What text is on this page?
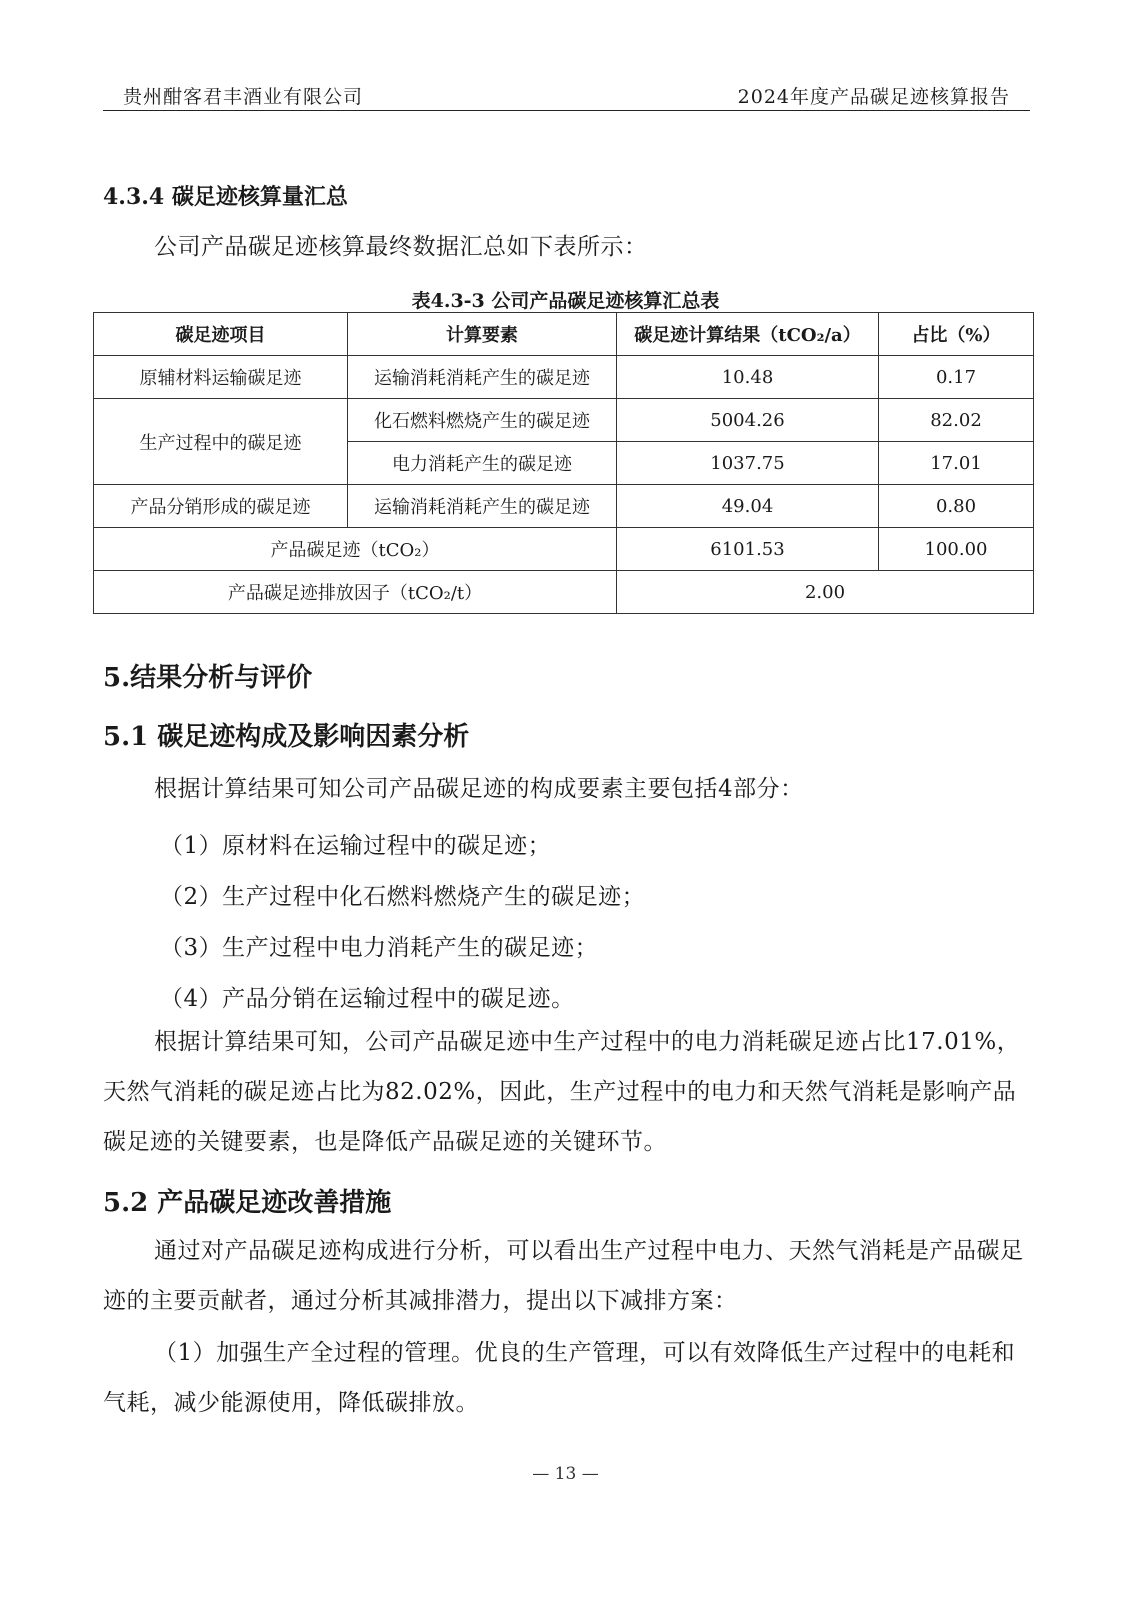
贵州酣客君丰酒业有限公司	2024年度产品碳足迹核算报告
4.3.4 碳足迹核算量汇总
公司产品碳足迹核算最终数据汇总如下表所示：
表4.3-3 公司产品碳足迹核算汇总表
碳足迹项目	计算要素	碳足迹计算结果（tCO₂/a）	占比（%）
原辅材料运输碳足迹	运输消耗消耗产生的碳足迹	10.48	0.17
生产过程中的碳足迹	化石燃料燃烧产生的碳足迹	5004.26	82.02
	电力消耗产生的碳足迹	1037.75	17.01
产品分销形成的碳足迹	运输消耗消耗产生的碳足迹	49.04	0.80
产品碳足迹（tCO₂）		6101.53	100.00
产品碳足迹排放因子（tCO₂/t）		2.00	
5.结果分析与评价
5.1 碳足迹构成及影响因素分析
根据计算结果可知公司产品碳足迹的构成要素主要包括4部分：
（1）原材料在运输过程中的碳足迹；
（2）生产过程中化石燃料燃烧产生的碳足迹；
（3）生产过程中电力消耗产生的碳足迹；
（4）产品分销在运输过程中的碳足迹。
根据计算结果可知，公司产品碳足迹中生产过程中的电力消耗碳足迹占比17.01%，天然气消耗的碳足迹占比为82.02%，因此，生产过程中的电力和天然气消耗是影响产品碳足迹的关键要素，也是降低产品碳足迹的关键环节。
5.2 产品碳足迹改善措施
通过对产品碳足迹构成进行分析，可以看出生产过程中电力、天然气消耗是产品碳足迹的主要贡献者，通过分析其减排潜力，提出以下减排方案：
（1）加强生产全过程的管理。优良的生产管理，可以有效降低生产过程中的电耗和气耗，减少能源使用，降低碳排放。
— 13 —
